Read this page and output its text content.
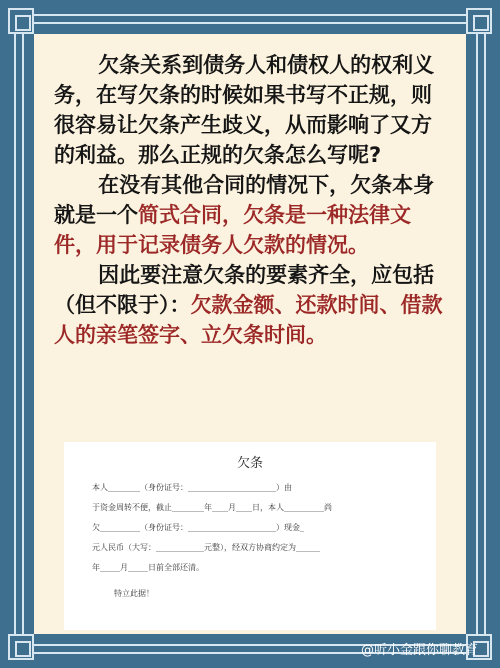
欠条关系到债务人和债权人的权利义务，在写欠条的时候如果书写不正规，则很容易让欠条产生歧义，从而影响了又方的利益。那么正规的欠条怎么写呢?

在没有其他合同的情况下，欠条本身就是一个简式合同，欠条是一种法律文件，用于记录债务人欠款的情况。

因此要注意欠条的要素齐全，应包括（但不限于）：欠款金额、还款时间、借款人的亲笔签字、立欠条时间。

欠条
本人________（身份证号：______________________）由
于资金周转不便，截止________年____月____日，本人__________尚
欠__________（身份证号：______________________）现金_
元人民币（大写：____________元整），经双方协商约定为______
年_____月_____日前全部还清。
特立此据！
@听小金跟你聊教育
